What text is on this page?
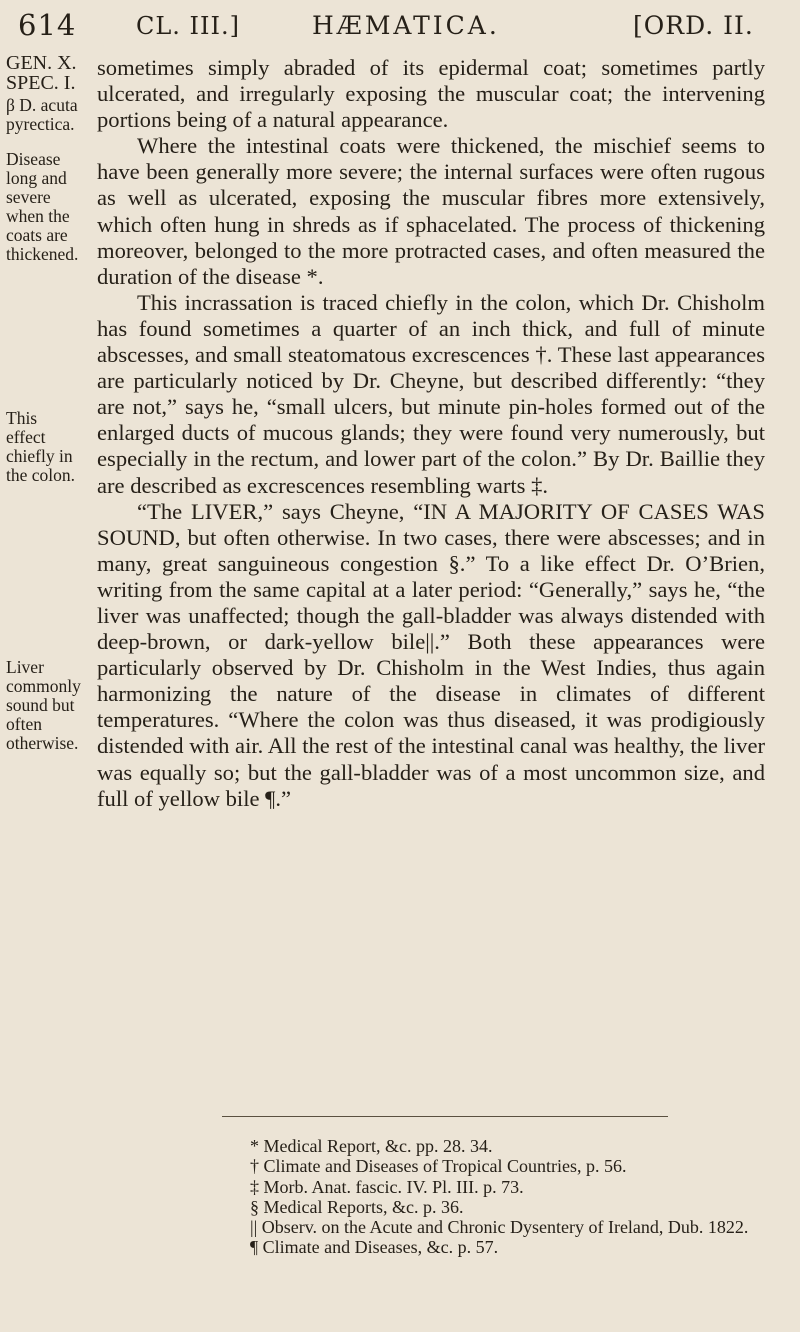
614 CL. III.]	HÆMATICA.	[ORD. II.
GEN. X.
SPEC. I.
β D. acuta pyrectica.
Disease long and severe when the coats are thickened.
This effect chiefly in the colon.
Liver commonly sound but often otherwise.

sometimes simply abraded of its epidermal coat; sometimes partly ulcerated, and irregularly exposing the muscular coat; the intervening portions being of a natural appearance.

Where the intestinal coats were thickened, the mischief seems to have been generally more severe; the internal surfaces were often rugous as well as ulcerated, exposing the muscular fibres more extensively, which often hung in shreds as if sphacelated. The process of thickening moreover, belonged to the more protracted cases, and often measured the duration of the disease *.

This incrassation is traced chiefly in the colon, which Dr. Chisholm has found sometimes a quarter of an inch thick, and full of minute abscesses, and small steatomatous excrescences †. These last appearances are particularly noticed by Dr. Cheyne, but described differently: “they are not,” says he, “small ulcers, but minute pin-holes formed out of the enlarged ducts of mucous glands; they were found very numerously, but especially in the rectum, and lower part of the colon.” By Dr. Baillie they are described as excrescences resembling warts ‡.

“The LIVER,” says Cheyne, “IN A MAJORITY OF CASES WAS SOUND, but often otherwise. In two cases, there were abscesses; and in many, great sanguineous congestion §.” To a like effect Dr. O’Brien, writing from the same capital at a later period: “Generally,” says he, “the liver was unaffected; though the gall-bladder was always distended with deep-brown, or dark-yellow bile||.” Both these appearances were particularly observed by Dr. Chisholm in the West Indies, thus again harmonizing the nature of the disease in climates of different temperatures. “Where the colon was thus diseased, it was prodigiously distended with air. All the rest of the intestinal canal was healthy, the liver was equally so; but the gall-bladder was of a most uncommon size, and full of yellow bile ¶.”

* Medical Report, &c. pp. 28. 34.
† Climate and Diseases of Tropical Countries, p. 56.
‡ Morb. Anat. fascic. IV. Pl. III. p. 73.
§ Medical Reports, &c. p. 36.
|| Observ. on the Acute and Chronic Dysentery of Ireland, Dub. 1822.
¶ Climate and Diseases, &c. p. 57.
